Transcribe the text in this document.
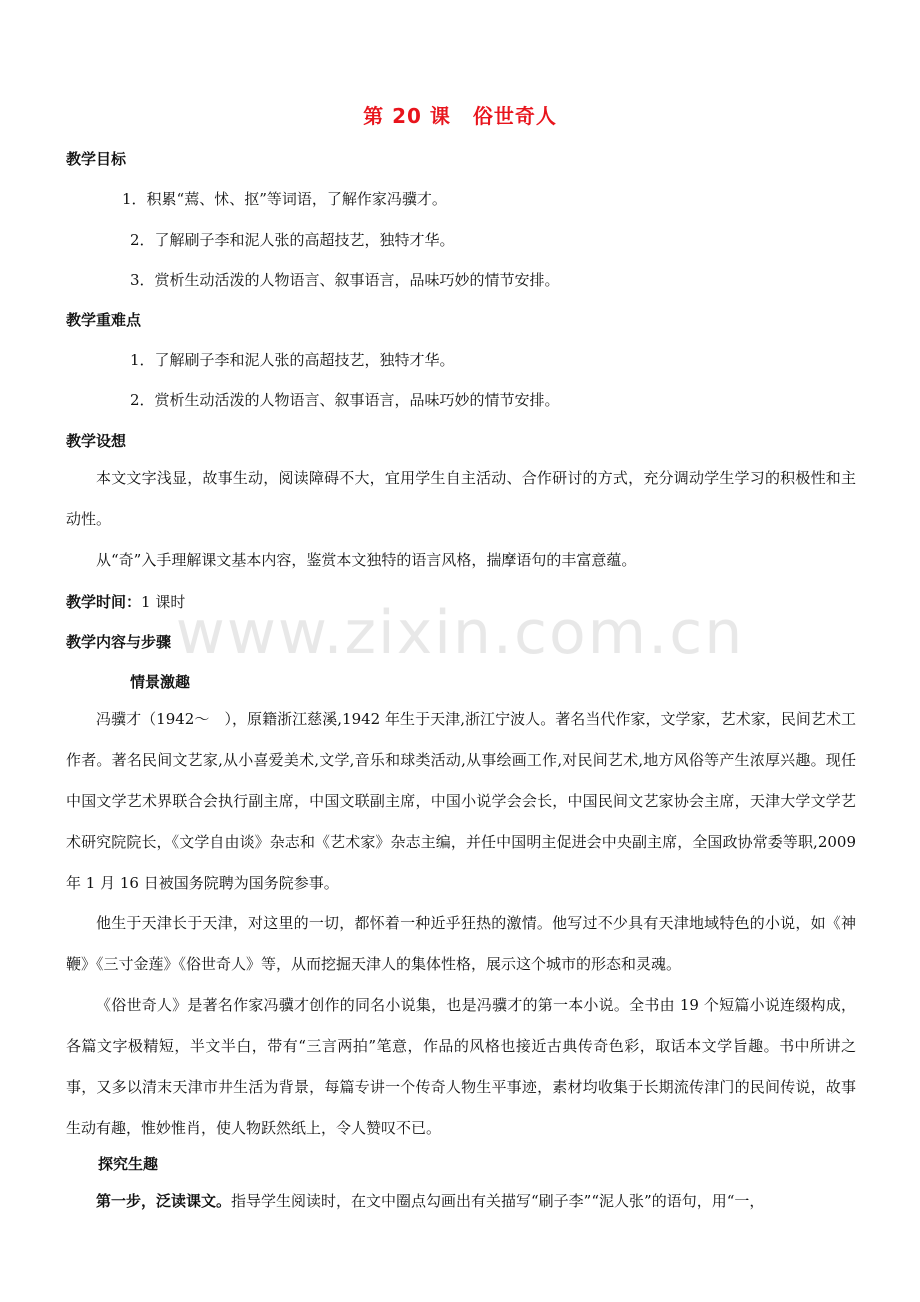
第 20 课 俗世奇人
教学目标
1．积累“蔫、怵、抠”等词语，了解作家冯骥才。
2．了解刷子李和泥人张的高超技艺，独特才华。
3．赏析生动活泼的人物语言、叙事语言，品味巧妙的情节安排。
教学重难点
1．了解刷子李和泥人张的高超技艺，独特才华。
2．赏析生动活泼的人物语言、叙事语言，品味巧妙的情节安排。
教学设想
本文文字浅显，故事生动，阅读障碍不大，宜用学生自主活动、合作研讨的方式，充分调动学生学习的积极性和主动性。
从“奇”入手理解课文基本内容，鉴赏本文独特的语言风格，揣摩语句的丰富意蕴。
教学时间：1 课时
教学内容与步骤 www.zixin.com.cn
情景激趣
冯骥才（1942～　），原籍浙江慈溪,1942 年生于天津,浙江宁波人。著名当代作家，文学家，艺术家，民间艺术工作者。著名民间文艺家,从小喜爱美术,文学,音乐和球类活动,从事绘画工作,对民间艺术,地方风俗等产生浓厚兴趣。现任中国文学艺术界联合会执行副主席，中国文联副主席，中国小说学会会长，中国民间文艺家协会主席，天津大学文学艺术研究院院长，《文学自由谈》杂志和《艺术家》杂志主编，并任中国明主促进会中央副主席，全国政协常委等职,2009 年 1 月 16 日被国务院聘为国务院参事。
他生于天津长于天津，对这里的一切，都怀着一种近乎狂热的激情。他写过不少具有天津地域特色的小说，如《神鞭》《三寸金莲》《俗世奇人》等，从而挖掘天津人的集体性格，展示这个城市的形态和灵魂。
《俗世奇人》是著名作家冯骥才创作的同名小说集，也是冯骥才的第一本小说。全书由 19 个短篇小说连缀构成，各篇文字极精短，半文半白，带有“三言两拍”笔意，作品的风格也接近古典传奇色彩，取话本文学旨趣。书中所讲之事，又多以清末天津市井生活为背景，每篇专讲一个传奇人物生平事迹，素材均收集于长期流传津门的民间传说，故事生动有趣，惟妙惟肖，使人物跃然纸上，令人赞叹不已。
探究生趣
第一步，泛读课文。指导学生阅读时，在文中圈点勾画出有关描写“刷子李”“泥人张”的语句，用“一，
